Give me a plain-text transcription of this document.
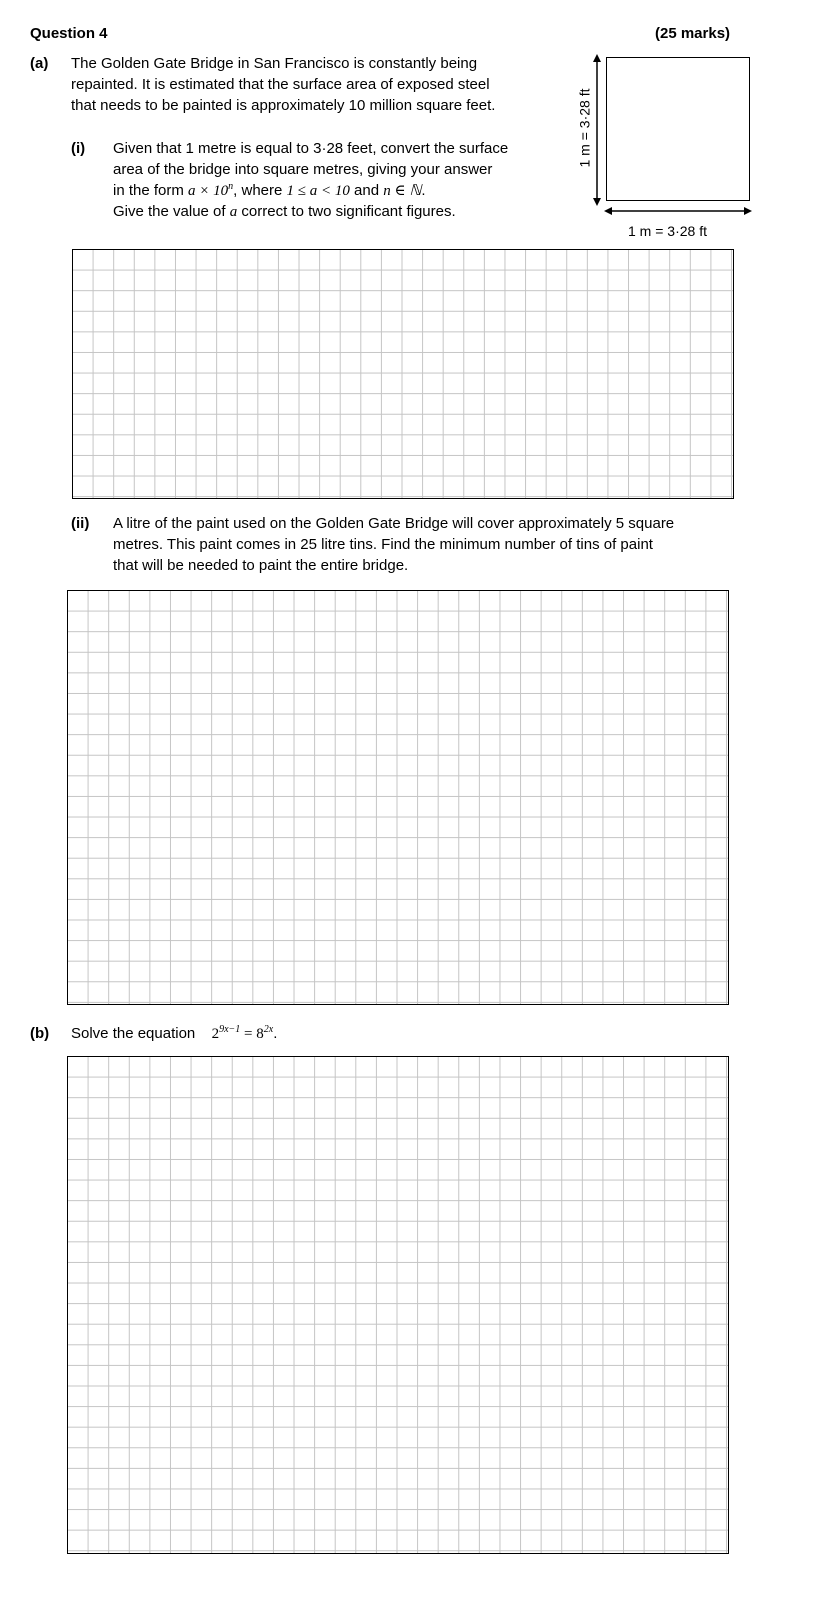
Question 4	(25 marks)
(a) The Golden Gate Bridge in San Francisco is constantly being
repainted. It is estimated that the surface area of exposed steel
that needs to be painted is approximately 10 million square feet.
(i) Given that 1 metre is equal to 3·28 feet, convert the surface
area of the bridge into square metres, giving your answer
in the form $a \times 10^n$, where 1 ≤ a < 10 and n ∈ ℕ.
Give the value of a correct to two significant figures.
1 m = 3·28 ft
1 m = 3·28 ft
(ii) A litre of the paint used on the Golden Gate Bridge will cover approximately 5 square
metres. This paint comes in 25 litre tins. Find the minimum number of tins of paint
that will be needed to paint the entire bridge.
(b) Solve the equation $2^{9x-1} = 8^{2x}$.
